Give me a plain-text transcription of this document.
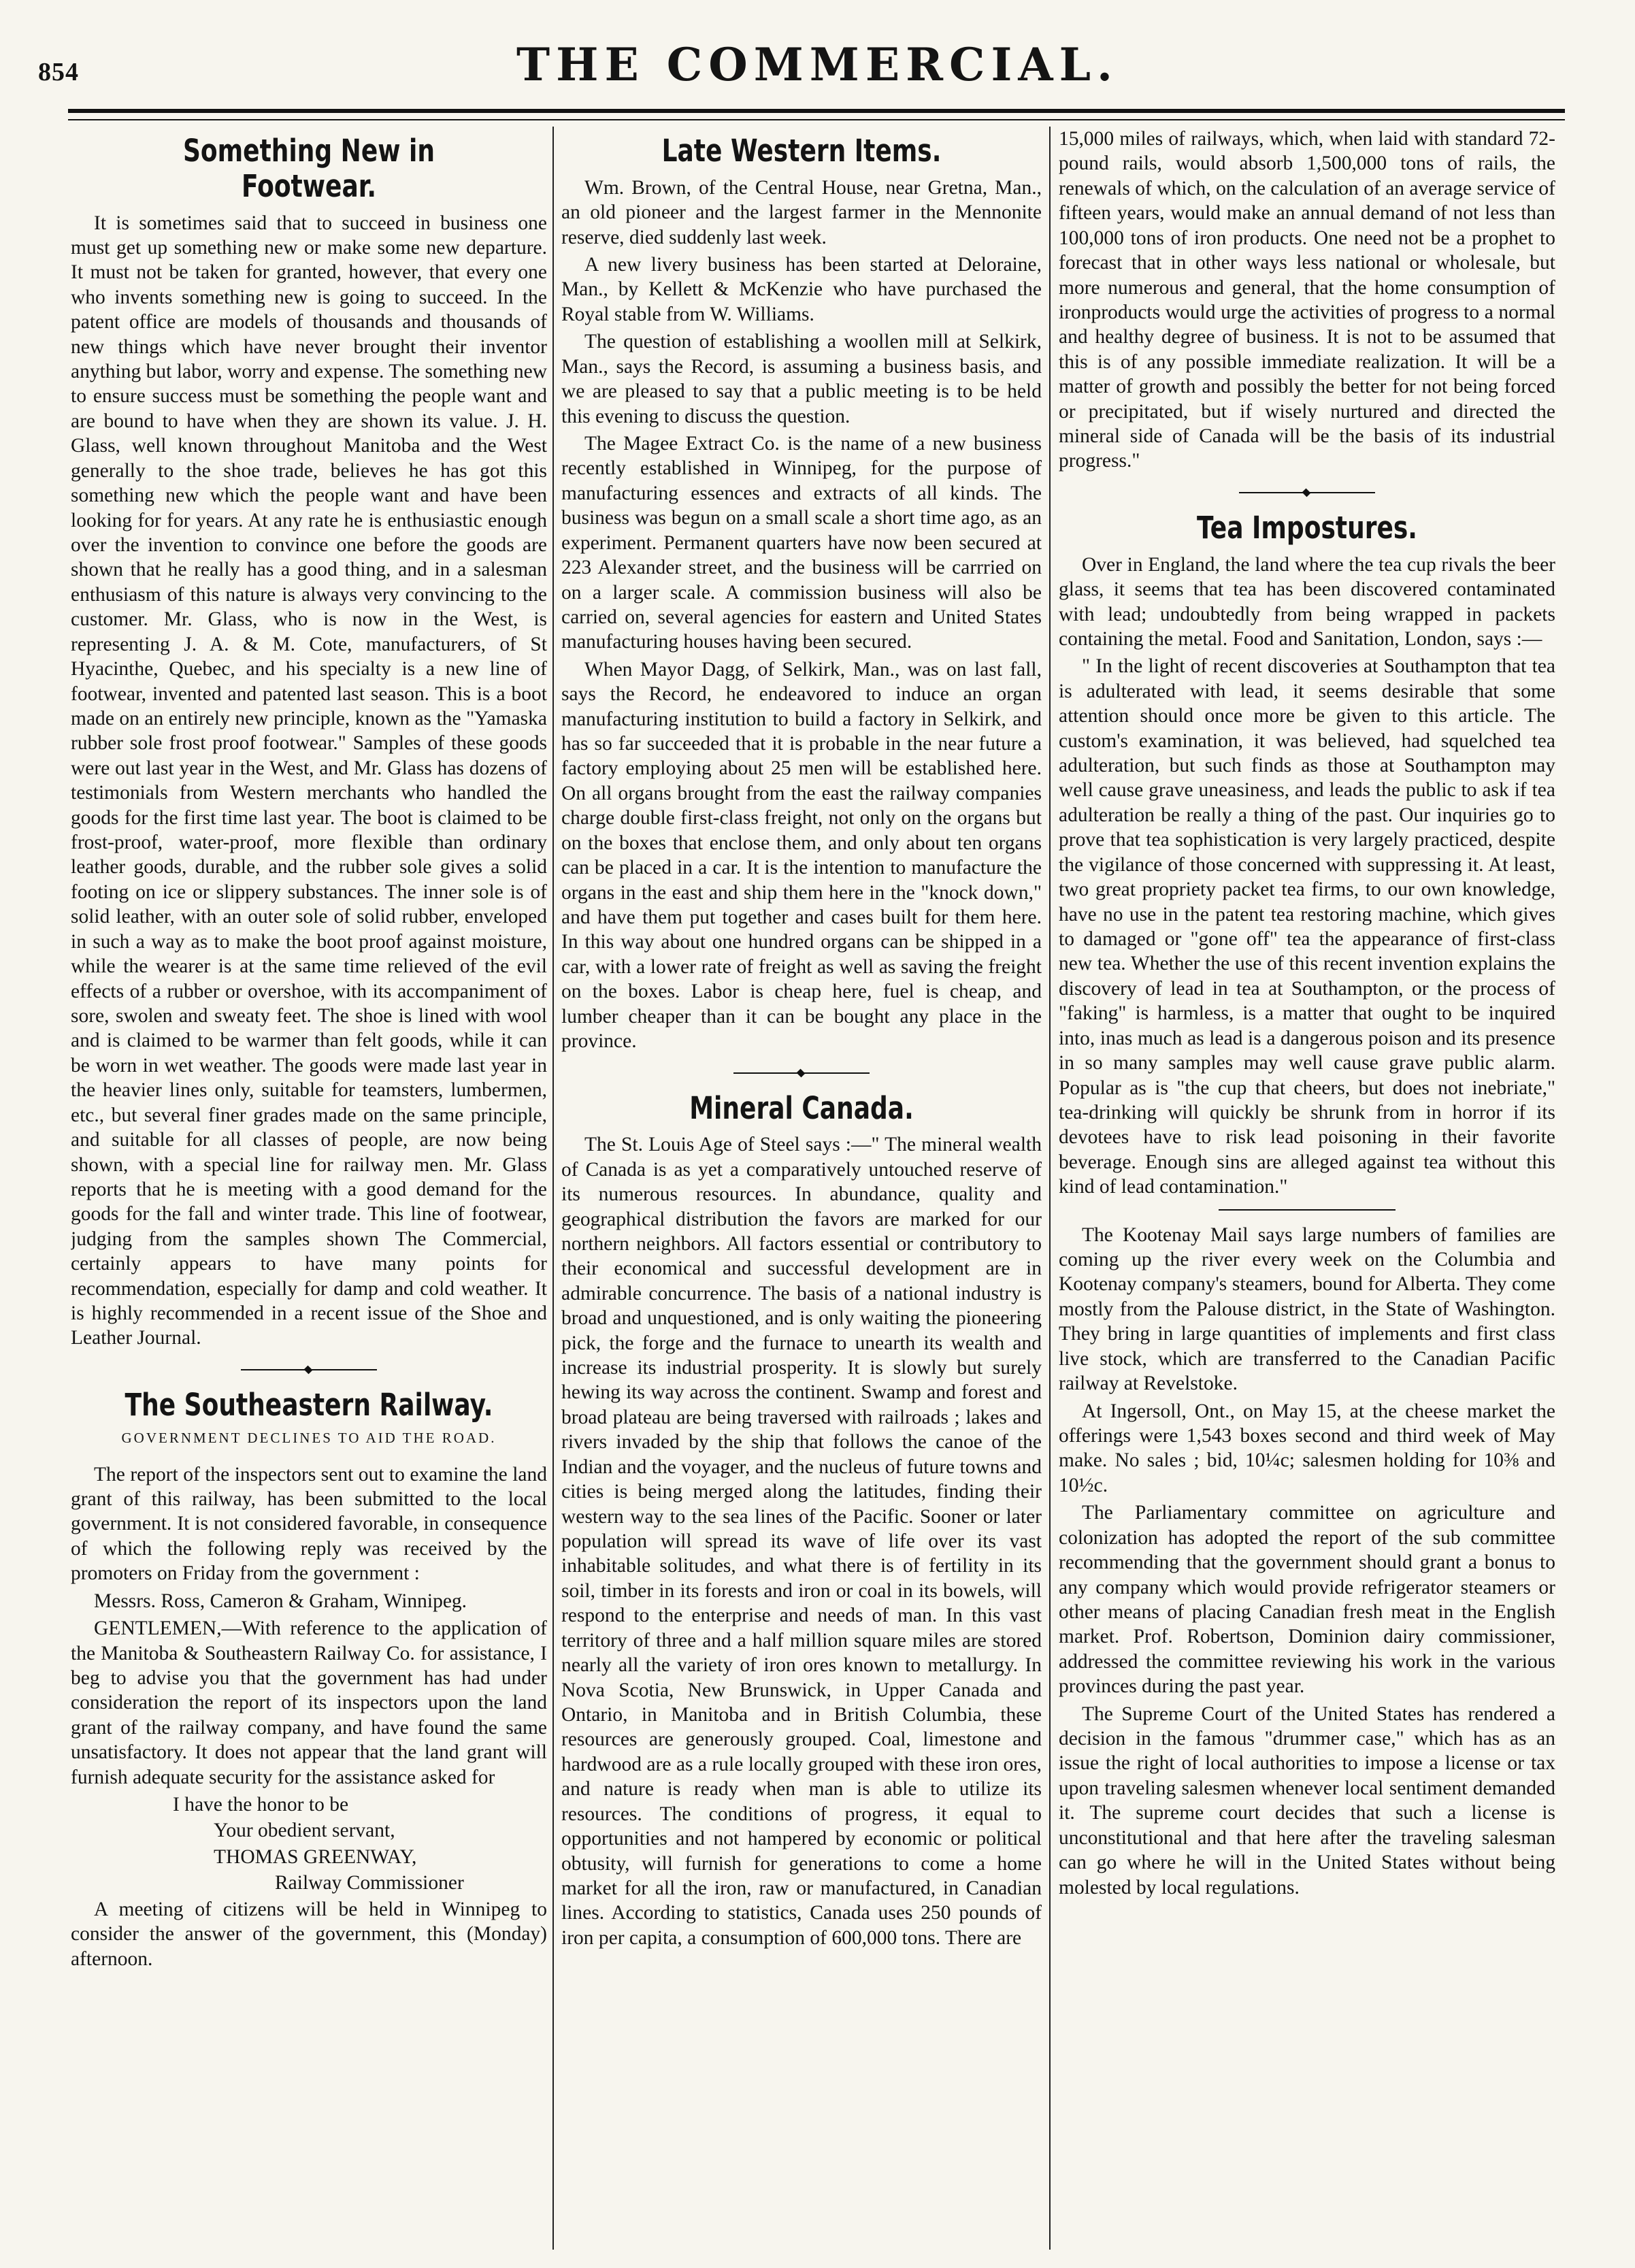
854	THE COMMERCIAL.
Something New in Footwear.

It is sometimes said that to succeed in business one must get up something new or make some new departure. It must not be taken for granted, however, that every one who invents something new is going to succeed. In the patent office are models of thousands and thousands of new things which have never brought their inventor anything but labor, worry and expense. The something new to ensure success must be something the people want and are bound to have when they are shown its value. J. H. Glass, well known throughout Manitoba and the West generally to the shoe trade, believes he has got this something new which the people want and have been looking for for years. At any rate he is enthusiastic enough over the invention to convince one before the goods are shown that he really has a good thing, and in a salesman enthusiasm of this nature is always very convincing to the customer. Mr. Glass, who is now in the West, is representing J. A. & M. Cote, manufacturers, of St Hyacinthe, Quebec, and his specialty is a new line of footwear, invented and patented last season. This is a boot made on an entirely new principle, known as the "Yamaska rubber sole frost proof footwear." Samples of these goods were out last year in the West, and Mr. Glass has dozens of testimonials from Western merchants who handled the goods for the first time last year. The boot is claimed to be frost-proof, water-proof, more flexible than ordinary leather goods, durable, and the rubber sole gives a solid footing on ice or slippery substances. The inner sole is of solid leather, with an outer sole of solid rubber, enveloped in such a way as to make the boot proof against moisture, while the wearer is at the same time relieved of the evil effects of a rubber or overshoe, with its accompaniment of sore, swolen and sweaty feet. The shoe is lined with wool and is claimed to be warmer than felt goods, while it can be worn in wet weather. The goods were made last year in the heavier lines only, suitable for teamsters, lumbermen, etc., but several finer grades made on the same principle, and suitable for all classes of people, are now being shown, with a special line for railway men. Mr. Glass reports that he is meeting with a good demand for the goods for the fall and winter trade. This line of footwear, judging from the samples shown The Commercial, certainly appears to have many points for recommendation, especially for damp and cold weather. It is highly recommended in a recent issue of the Shoe and Leather Journal.

The Southeastern Railway.
GOVERNMENT DECLINES TO AID THE ROAD.

The report of the inspectors sent out to examine the land grant of this railway, has been submitted to the local government. It is not considered favorable, in consequence of which the following reply was received by the promoters on Friday from the government :

Messrs. Ross, Cameron & Graham, Winnipeg.

GENTLEMEN,—With reference to the application of the Manitoba & Southeastern Railway Co. for assistance, I beg to advise you that the government has had under consideration the report of its inspectors upon the land grant of the railway company, and have found the same unsatisfactory. It does not appear that the land grant will furnish adequate security for the assistance asked for

I have the honor to be

Your obedient servant,

THOMAS GREENWAY,

Railway Commissioner

A meeting of citizens will be held in Winnipeg to consider the answer of the government, this (Monday) afternoon.

Late Western Items.

Wm. Brown, of the Central House, near Gretna, Man., an old pioneer and the largest farmer in the Mennonite reserve, died suddenly last week.

A new livery business has been started at Deloraine, Man., by Kellett & McKenzie who have purchased the Royal stable from W. Williams.

The question of establishing a woollen mill at Selkirk, Man., says the Record, is assuming a business basis, and we are pleased to say that a public meeting is to be held this evening to discuss the question.

The Magee Extract Co. is the name of a new business recently established in Winnipeg, for the purpose of manufacturing essences and extracts of all kinds. The business was begun on a small scale a short time ago, as an experiment. Permanent quarters have now been secured at 223 Alexander street, and the business will be carrried on on a larger scale. A commission business will also be carried on, several agencies for eastern and United States manufacturing houses having been secured.

When Mayor Dagg, of Selkirk, Man., was on last fall, says the Record, he endeavored to induce an organ manufacturing institution to build a factory in Selkirk, and has so far succeeded that it is probable in the near future a factory employing about 25 men will be established here. On all organs brought from the east the railway companies charge double first-class freight, not only on the organs but on the boxes that enclose them, and only about ten organs can be placed in a car. It is the intention to manufacture the organs in the east and ship them here in the "knock down," and have them put together and cases built for them here. In this way about one hundred organs can be shipped in a car, with a lower rate of freight as well as saving the freight on the boxes. Labor is cheap here, fuel is cheap, and lumber cheaper than it can be bought any place in the province.

Mineral Canada.

The St. Louis Age of Steel says :—" The mineral wealth of Canada is as yet a comparatively untouched reserve of its numerous resources. In abundance, quality and geographical distribution the favors are marked for our northern neighbors. All factors essential or contributory to their economical and successful development are in admirable concurrence. The basis of a national industry is broad and unquestioned, and is only waiting the pioneering pick, the forge and the furnace to unearth its wealth and increase its industrial prosperity. It is slowly but surely hewing its way across the continent. Swamp and forest and broad plateau are being traversed with railroads ; lakes and rivers invaded by the ship that follows the canoe of the Indian and the voyager, and the nucleus of future towns and cities is being merged along the latitudes, finding their western way to the sea lines of the Pacific. Sooner or later population will spread its wave of life over its vast inhabitable solitudes, and what there is of fertility in its soil, timber in its forests and iron or coal in its bowels, will respond to the enterprise and needs of man. In this vast territory of three and a half million square miles are stored nearly all the variety of iron ores known to metallurgy. In Nova Scotia, New Brunswick, in Upper Canada and Ontario, in Manitoba and in British Columbia, these resources are generously grouped. Coal, limestone and hardwood are as a rule locally grouped with these iron ores, and nature is ready when man is able to utilize its resources. The conditions of progress, it equal to opportunities and not hampered by economic or political obtusity, will furnish for generations to come a home market for all the iron, raw or manufactured, in Canadian lines. According to statistics, Canada uses 250 pounds of iron per capita, a consumption of 600,000 tons. There are

15,000 miles of railways, which, when laid with standard 72-pound rails, would absorb 1,500,000 tons of rails, the renewals of which, on the calculation of an average service of fifteen years, would make an annual demand of not less than 100,000 tons of iron products. One need not be a prophet to forecast that in other ways less national or wholesale, but more numerous and general, that the home consumption of ironproducts would urge the activities of progress to a normal and healthy degree of business. It is not to be assumed that this is of any possible immediate realization. It will be a matter of growth and possibly the better for not being forced or precipitated, but if wisely nurtured and directed the mineral side of Canada will be the basis of its industrial progress."

Tea Impostures.

Over in England, the land where the tea cup rivals the beer glass, it seems that tea has been discovered contaminated with lead; undoubtedly from being wrapped in packets containing the metal. Food and Sanitation, London, says :—

" In the light of recent discoveries at Southampton that tea is adulterated with lead, it seems desirable that some attention should once more be given to this article. The custom's examination, it was believed, had squelched tea adulteration, but such finds as those at Southampton may well cause grave uneasiness, and leads the public to ask if tea adulteration be really a thing of the past. Our inquiries go to prove that tea sophistication is very largely practiced, despite the vigilance of those concerned with suppressing it. At least, two great propriety packet tea firms, to our own knowledge, have no use in the patent tea restoring machine, which gives to damaged or "gone off" tea the appearance of first-class new tea. Whether the use of this recent invention explains the discovery of lead in tea at Southampton, or the process of "faking" is harmless, is a matter that ought to be inquired into, inas much as lead is a dangerous poison and its presence in so many samples may well cause grave public alarm. Popular as is "the cup that cheers, but does not inebriate," tea-drinking will quickly be shrunk from in horror if its devotees have to risk lead poisoning in their favorite beverage. Enough sins are alleged against tea without this kind of lead contamination."

The Kootenay Mail says large numbers of families are coming up the river every week on the Columbia and Kootenay company's steamers, bound for Alberta. They come mostly from the Palouse district, in the State of Washington. They bring in large quantities of implements and first class live stock, which are transferred to the Canadian Pacific railway at Revelstoke.

At Ingersoll, Ont., on May 15, at the cheese market the offerings were 1,543 boxes second and third week of May make. No sales ; bid, 10¼c; salesmen holding for 10⅜ and 10½c.

The Parliamentary committee on agriculture and colonization has adopted the report of the sub committee recommending that the government should grant a bonus to any company which would provide refrigerator steamers or other means of placing Canadian fresh meat in the English market. Prof. Robertson, Dominion dairy commissioner, addressed the committee reviewing his work in the various provinces during the past year.

The Supreme Court of the United States has rendered a decision in the famous "drummer case," which has as an issue the right of local authorities to impose a license or tax upon traveling salesmen whenever local sentiment demanded it. The supreme court decides that such a license is unconstitutional and that here after the traveling salesman can go where he will in the United States without being molested by local regulations.
